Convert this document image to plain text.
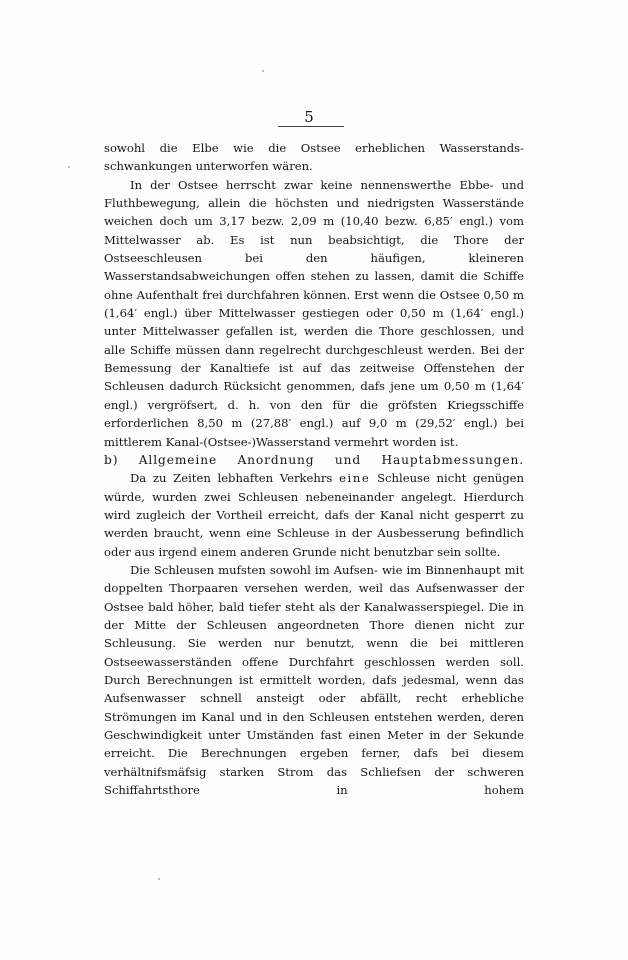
5

sowohl die Elbe wie die Ostsee erheblichen Wasserstands-schwankungen unterworfen wären.

In der Ostsee herrscht zwar keine nennenswerthe Ebbe- und Fluthbewegung, allein die höchsten und niedrigsten Wasserstände weichen doch um 3,17 bezw. 2,09 m (10,40 bezw. 6,85′ engl.) vom Mittelwasser ab. Es ist nun beabsichtigt, die Thore der Ostseeschleusen bei den häufigen, kleineren Wasserstandsabweichungen offen stehen zu lassen, damit die Schiffe ohne Aufenthalt frei durchfahren können. Erst wenn die Ostsee 0,50 m (1,64′ engl.) über Mittelwasser gestiegen oder 0,50 m (1,64′ engl.) unter Mittelwasser gefallen ist, werden die Thore geschlossen, und alle Schiffe müssen dann regelrecht durchgeschleust werden. Bei der Bemessung der Kanaltiefe ist auf das zeitweise Offenstehen der Schleusen dadurch Rücksicht genommen, dafs jene um 0,50 m (1,64′ engl.) vergröfsert, d. h. von den für die gröfsten Kriegsschiffe erforderlichen 8,50 m (27,88′ engl.) auf 9,0 m (29,52′ engl.) bei mittlerem Kanal-(Ostsee-)Wasserstand vermehrt worden ist.

b) Allgemeine Anordnung und Hauptabmessungen.

Da zu Zeiten lebhaften Verkehrs eine Schleuse nicht genügen würde, wurden zwei Schleusen nebeneinander angelegt. Hierdurch wird zugleich der Vortheil erreicht, dafs der Kanal nicht gesperrt zu werden braucht, wenn eine Schleuse in der Ausbesserung befindlich oder aus irgend einem anderen Grunde nicht benutzbar sein sollte.

Die Schleusen mufsten sowohl im Aufsen- wie im Binnenhaupt mit doppelten Thorpaaren versehen werden, weil das Aufsenwasser der Ostsee bald höher, bald tiefer steht als der Kanalwasserspiegel. Die in der Mitte der Schleusen angeordneten Thore dienen nicht zur Schleusung. Sie werden nur benutzt, wenn die bei mittleren Ostseewasserständen offene Durchfahrt geschlossen werden soll. Durch Berechnungen ist ermittelt worden, dafs jedesmal, wenn das Aufsenwasser schnell ansteigt oder abfällt, recht erhebliche Strömungen im Kanal und in den Schleusen entstehen werden, deren Geschwindigkeit unter Umständen fast einen Meter in der Sekunde erreicht. Die Berechnungen ergeben ferner, dafs bei diesem verhältnifsmäfsig starken Strom das Schliefsen der schweren Schiffahrtsthore in hohem
